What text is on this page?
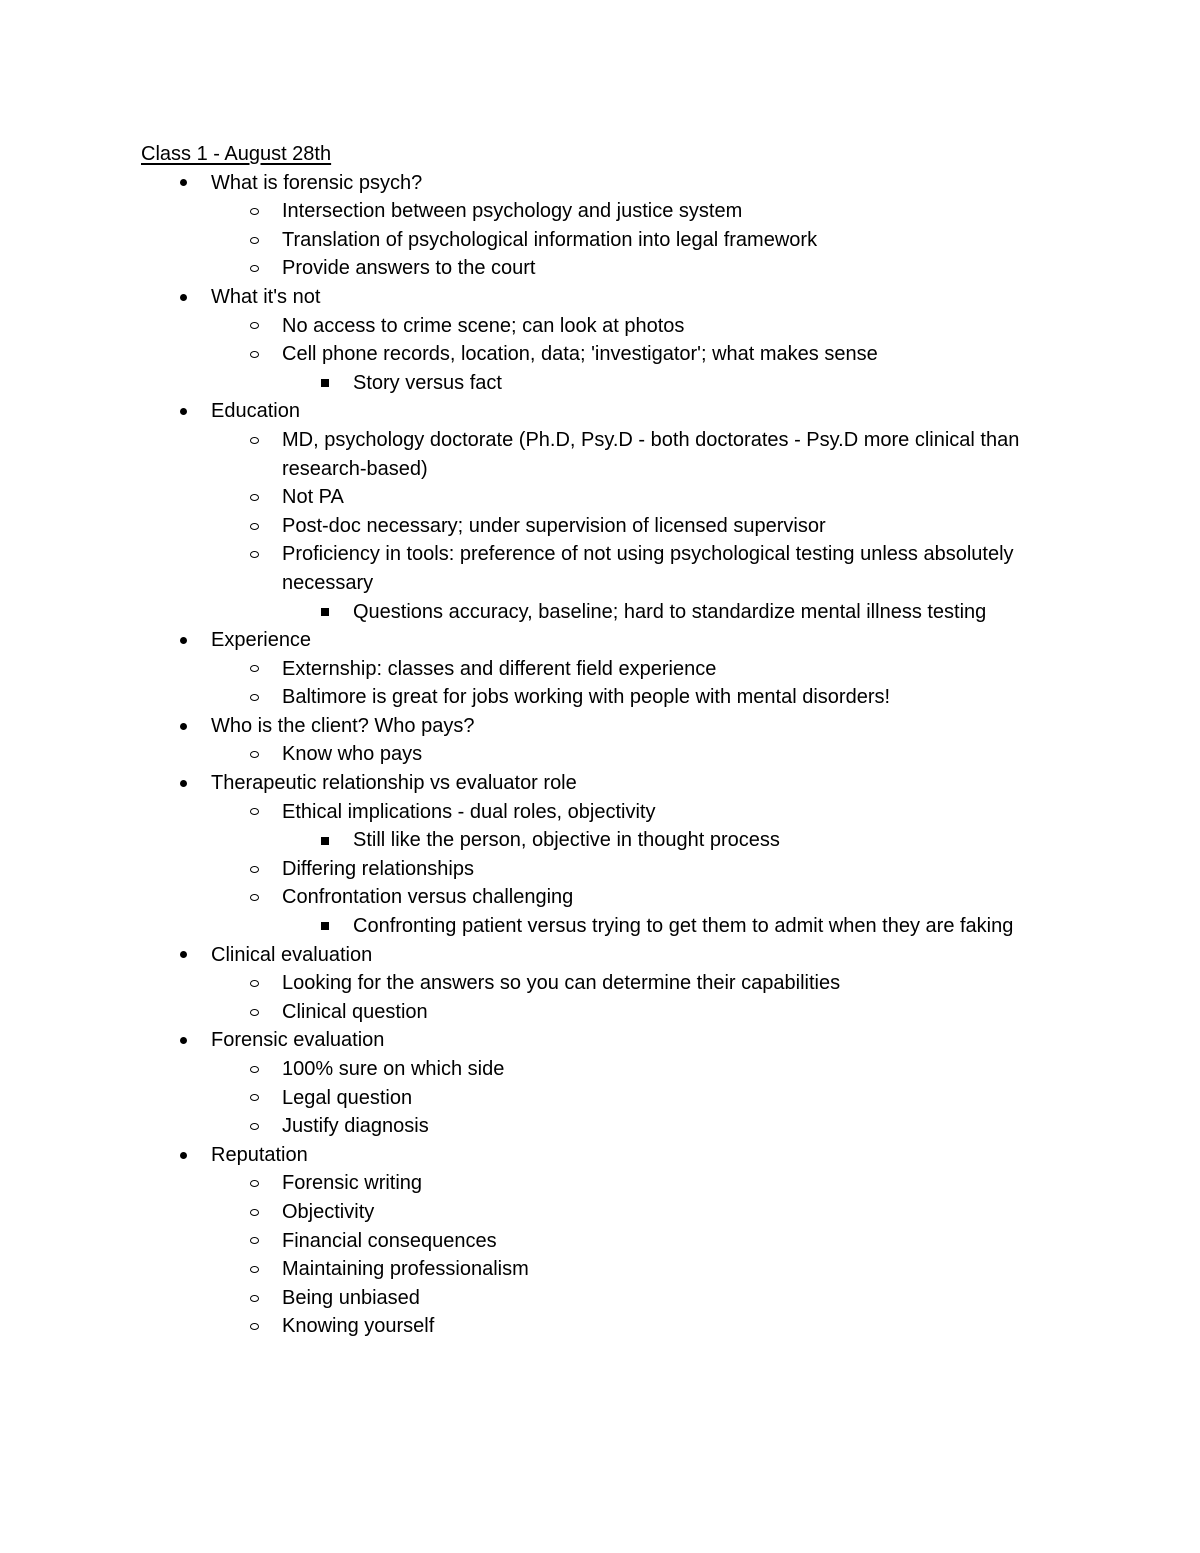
Class 1 - August 28th
What is forensic psych?
Intersection between psychology and justice system
Translation of psychological information into legal framework
Provide answers to the court
What it's not
No access to crime scene; can look at photos
Cell phone records, location, data; 'investigator'; what makes sense
Story versus fact
Education
MD, psychology doctorate (Ph.D, Psy.D - both doctorates - Psy.D more clinical than research-based)
Not PA
Post-doc necessary; under supervision of licensed supervisor
Proficiency in tools: preference of not using psychological testing unless absolutely necessary
Questions accuracy, baseline; hard to standardize mental illness testing
Experience
Externship: classes and different field experience
Baltimore is great for jobs working with people with mental disorders!
Who is the client? Who pays?
Know who pays
Therapeutic relationship vs evaluator role
Ethical implications - dual roles, objectivity
Still like the person, objective in thought process
Differing relationships
Confrontation versus challenging
Confronting patient versus trying to get them to admit when they are faking
Clinical evaluation
Looking for the answers so you can determine their capabilities
Clinical question
Forensic evaluation
100% sure on which side
Legal question
Justify diagnosis
Reputation
Forensic writing
Objectivity
Financial consequences
Maintaining professionalism
Being unbiased
Knowing yourself
